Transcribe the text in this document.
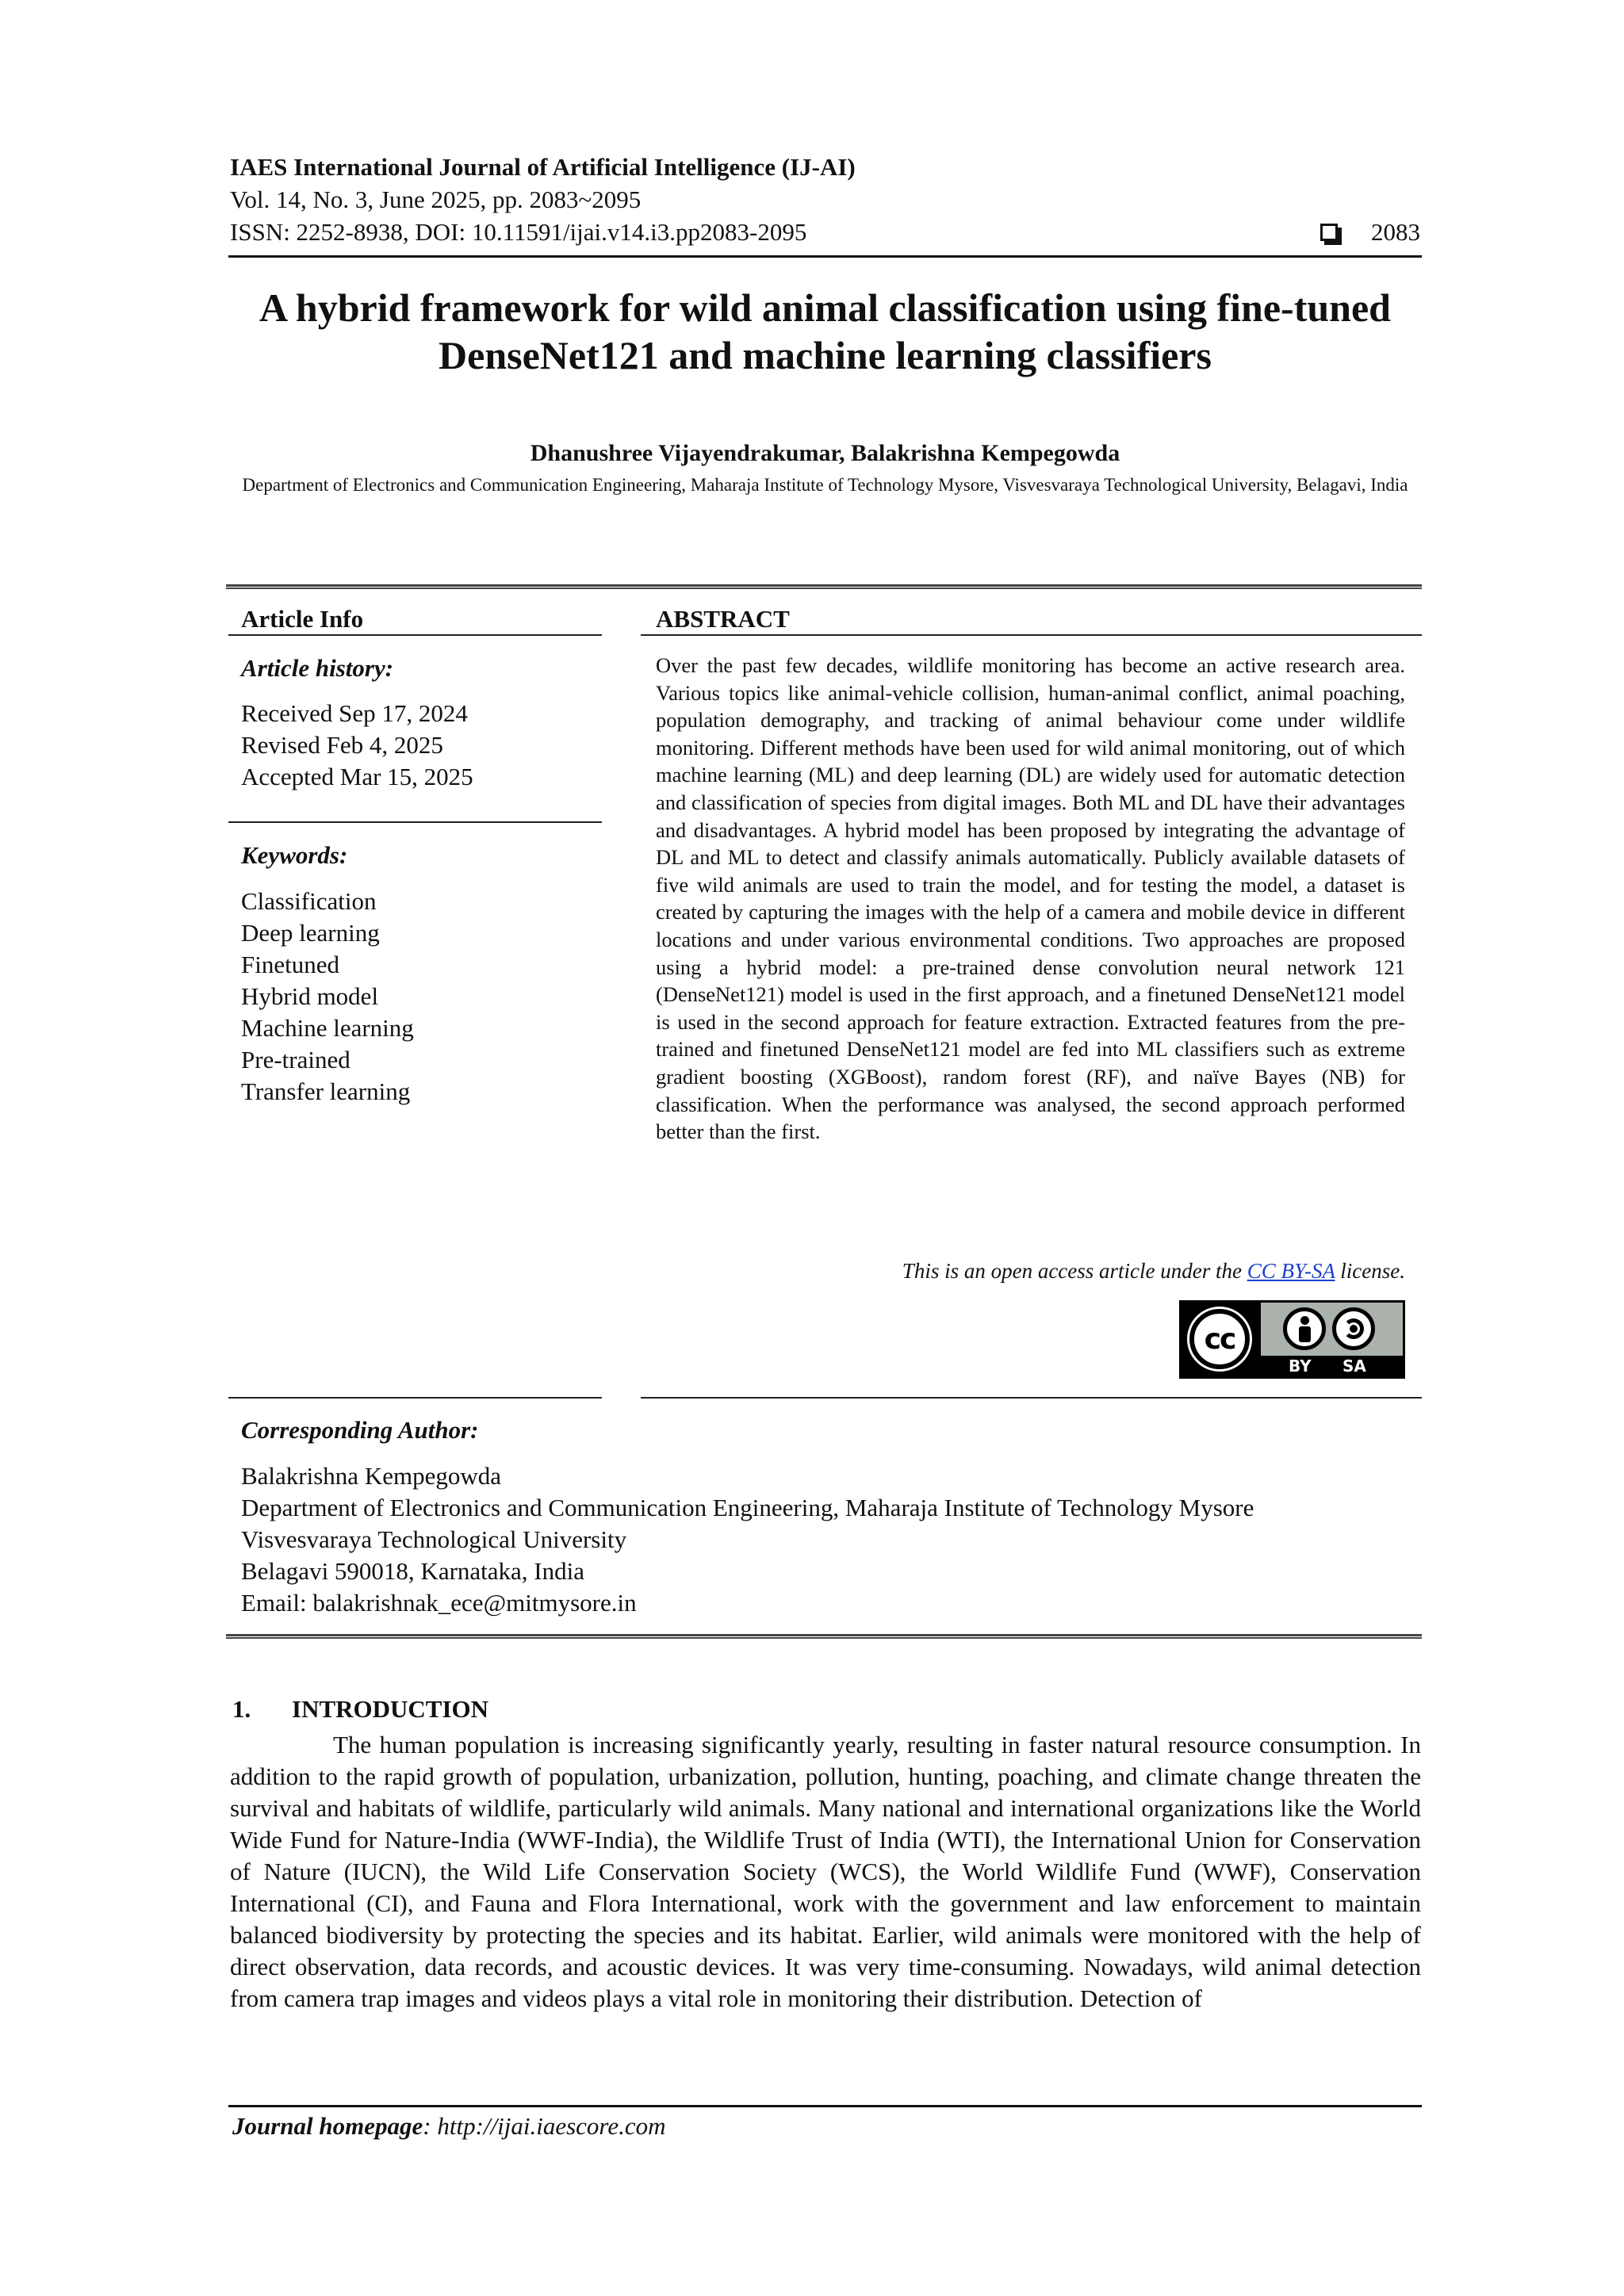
IAES International Journal of Artificial Intelligence (IJ-AI)
Vol. 14, No. 3, June 2025, pp. 2083~2095
ISSN: 2252-8938, DOI: 10.11591/ijai.v14.i3.pp2083-2095	2083
A hybrid framework for wild animal classification using fine-tuned DenseNet121 and machine learning classifiers
Dhanushree Vijayendrakumar, Balakrishna Kempegowda
Department of Electronics and Communication Engineering, Maharaja Institute of Technology Mysore, Visvesvaraya Technological University, Belagavi, India
Article Info	ABSTRACT
Article history:
Received Sep 17, 2024
Revised Feb 4, 2025
Accepted Mar 15, 2025
Keywords:
Classification
Deep learning
Finetuned
Hybrid model
Machine learning
Pre-trained
Transfer learning
Over the past few decades, wildlife monitoring has become an active research area. Various topics like animal-vehicle collision, human-animal conflict, animal poaching, population demography, and tracking of animal behaviour come under wildlife monitoring. Different methods have been used for wild animal monitoring, out of which machine learning (ML) and deep learning (DL) are widely used for automatic detection and classification of species from digital images. Both ML and DL have their advantages and disadvantages. A hybrid model has been proposed by integrating the advantage of DL and ML to detect and classify animals automatically. Publicly available datasets of five wild animals are used to train the model, and for testing the model, a dataset is created by capturing the images with the help of a camera and mobile device in different locations and under various environmental conditions. Two approaches are proposed using a hybrid model: a pre-trained dense convolution neural network 121 (DenseNet121) model is used in the first approach, and a finetuned DenseNet121 model is used in the second approach for feature extraction. Extracted features from the pre-trained and finetuned DenseNet121 model are fed into ML classifiers such as extreme gradient boosting (XGBoost), random forest (RF), and naïve Bayes (NB) for classification. When the performance was analysed, the second approach performed better than the first.
This is an open access article under the CC BY-SA license.
cc
BY SA
Corresponding Author:
Balakrishna Kempegowda
Department of Electronics and Communication Engineering, Maharaja Institute of Technology Mysore
Visvesvaraya Technological University
Belagavi 590018, Karnataka, India
Email: balakrishnak_ece@mitmysore.in
1. INTRODUCTION
The human population is increasing significantly yearly, resulting in faster natural resource consumption. In addition to the rapid growth of population, urbanization, pollution, hunting, poaching, and climate change threaten the survival and habitats of wildlife, particularly wild animals. Many national and international organizations like the World Wide Fund for Nature-India (WWF-India), the Wildlife Trust of India (WTI), the International Union for Conservation of Nature (IUCN), the Wild Life Conservation Society (WCS), the World Wildlife Fund (WWF), Conservation International (CI), and Fauna and Flora International, work with the government and law enforcement to maintain balanced biodiversity by protecting the species and its habitat. Earlier, wild animals were monitored with the help of direct observation, data records, and acoustic devices. It was very time-consuming. Nowadays, wild animal detection from camera trap images and videos plays a vital role in monitoring their distribution. Detection of
Journal homepage: http://ijai.iaescore.com
